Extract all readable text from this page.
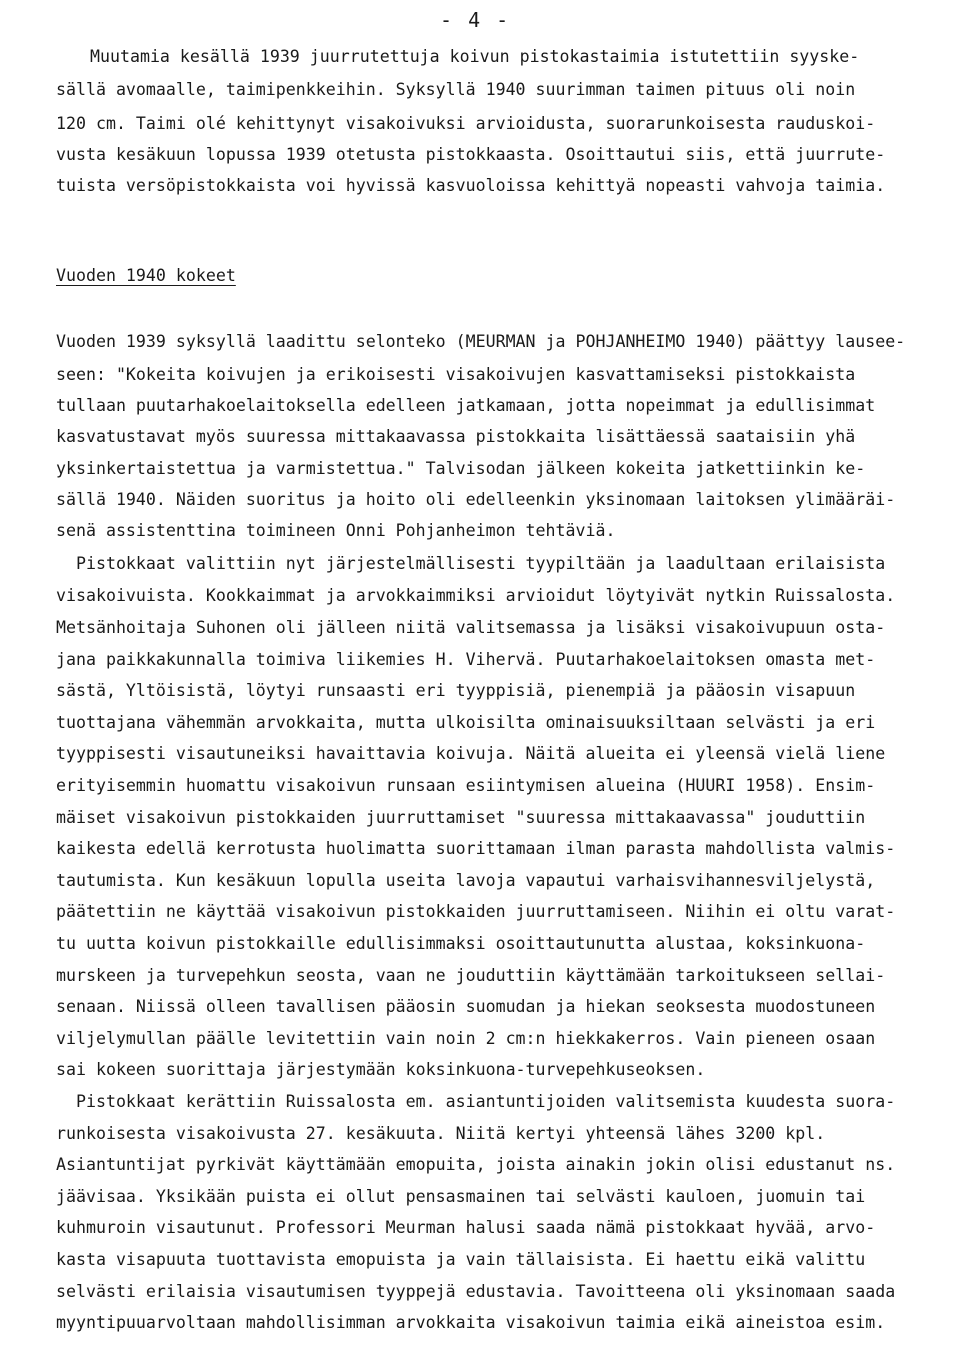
- 4 -
Muutamia kesällä 1939 juurrutettuja koivun pistokastaimia istutettiin syyske-
sällä avomaalle, taimipenkkeihin. Syksyllä 1940 suurimman taimen pituus oli noin
120 cm. Taimi olé kehittynyt visakoivuksi arvioidusta, suorarunkoisesta rauduskoi-
vusta kesäkuun lopussa 1939 otetusta pistokkaasta. Osoittautui siis, että juurrute-
tuista versöpistokkaista voi hyvissä kasvuoloissa kehittyä nopeasti vahvoja taimia.
Vuoden 1940 kokeet
Vuoden 1939 syksyllä laadittu selonteko (MEURMAN ja POHJANHEIMO 1940) päättyy lausee-
seen: "Kokeita koivujen ja erikoisesti visakoivujen kasvattamiseksi pistokkaista
tullaan puutarhakoelaitoksella edelleen jatkamaan, jotta nopeimmat ja edullisimmat
kasvatustavat myös suuressa mittakaavassa pistokkaita lisättäessä saataisiin yhä
yksinkertaistettua ja varmistettua." Talvisodan jälkeen kokeita jatkettiinkin ke-
sällä 1940. Näiden suoritus ja hoito oli edelleenkin yksinomaan laitoksen ylimääräi-
senä assistenttina toimineen Onni Pohjanheimon tehtäviä.
Pistokkaat valittiin nyt järjestelmällisesti tyypiltään ja laadultaan erilaisista
visakoivuista. Kookkaimmat ja arvokkaimmiksi arvioidut löytyivät nytkin Ruissalosta.
Metsänhoitaja Suhonen oli jälleen niitä valitsemassa ja lisäksi visakoivupuun osta-
jana paikkakunnalla toimiva liikemies H. Vihervä. Puutarhakoelaitoksen omasta met-
sästä, Yltöisistä, löytyi runsaasti eri tyyppisiä, pienempiä ja pääosin visapuun
tuottajana vähemmän arvokkaita, mutta ulkoisilta ominaisuuksiltaan selvästi ja eri
tyyppisesti visautuneiksi havaittavia koivuja. Näitä alueita ei yleensä vielä liene
erityisemmin huomattu visakoivun runsaan esiintymisen alueina (HUURI 1958). Ensim-
mäiset visakoivun pistokkaiden juurruttamiset "suuressa mittakaavassa" jouduttiin
kaikesta edellä kerrotusta huolimatta suorittamaan ilman parasta mahdollista valmis-
tautumista. Kun kesäkuun lopulla useita lavoja vapautui varhaisvihannesviljelystä,
päätettiin ne käyttää visakoivun pistokkaiden juurruttamiseen. Niihin ei oltu varat-
tu uutta koivun pistokkaille edullisimmaksi osoittautunutta alustaa, koksinkuona-
murskeen ja turvepehkun seosta, vaan ne jouduttiin käyttämään tarkoitukseen sellai-
senaan. Niissä olleen tavallisen pääosin suomudan ja hiekan seoksesta muodostuneen
viljelymullan päälle levitettiin vain noin 2 cm:n hiekkakerros. Vain pieneen osaan
sai kokeen suorittaja järjestymään koksinkuona-turvepehkuseoksen.
Pistokkaat kerättiin Ruissalosta em. asiantuntijoiden valitsemista kuudesta suora-
runkoisesta visakoivusta 27. kesäkuuta. Niitä kertyi yhteensä lähes 3200 kpl.
Asiantuntijat pyrkivät käyttämään emopuita, joista ainakin jokin olisi edustanut ns.
jäävisaa. Yksikään puista ei ollut pensasmainen tai selvästi kauloen, juomuin tai
kuhmuroin visautunut. Professori Meurman halusi saada nämä pistokkaat hyvää, arvo-
kasta visapuuta tuottavista emopuista ja vain tällaisista. Ei haettu eikä valittu
selvästi erilaisia visautumisen tyyppejä edustavia. Tavoitteena oli yksinomaan saada
myyntipuuarvoltaan mahdollisimman arvokkaita visakoivun taimia eikä aineistoa esim.
